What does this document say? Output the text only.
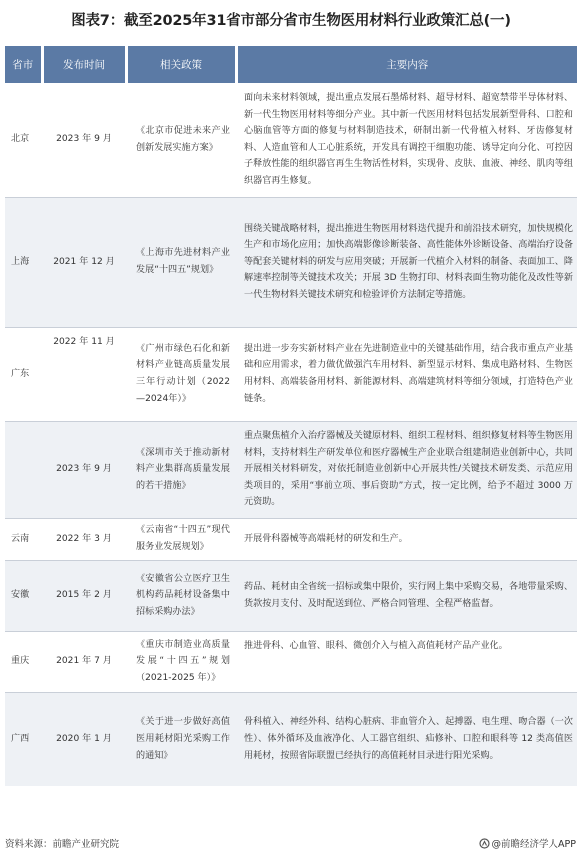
图表7：截至2025年31省市部分省市生物医用材料行业政策汇总(一)
省市	发布时间	相关政策	主要内容
北京	2023 年 9 月	《北京市促进未来产业创新发展实施方案》	面向未来材料领域，提出重点发展石墨烯材料、超导材料、超宽禁带半导体材料、新一代生物医用材料等细分产业。其中新一代医用材料包括发展新型骨科、口腔和心脑血管等方面的修复与材料制造技术，研制出新一代骨植入材料、牙齿修复材料、人造血管和人工心脏系统，开发具有调控干细胞功能、诱导定向分化、可控因子释放性能的组织器官再生生物活性材料，实现骨、皮肤、血液、神经、肌肉等组织器官再生修复。
上海	2021 年 12 月	《上海市先进材料产业发展“十四五”规划》	围绕关键战略材料，提出推进生物医用材料迭代提升和前沿技术研究，加快规模化生产和市场化应用；加快高端影像诊断装备、高性能体外诊断设备、高端治疗设备等配套关键材料的研发与应用突破；开展新一代植介入材料的制备、表面加工、降解速率控制等关键技术攻关；开展 3D 生物打印、材料表面生物功能化及改性等新一代生物材料关键技术研究和检验评价方法制定等措施。
广东	2022 年 11 月	《广州市绿色石化和新材料产业链高质量发展三年行动计划（2022—2024年）》	提出进一步夯实新材料产业在先进制造业中的关键基础作用，结合我市重点产业基础和应用需求，着力做优做强汽车用材料、新型显示材料、集成电路材料、生物医用材料、高端装备用材料、新能源材料、高端建筑材料等细分领域，打造特色产业链条。
	2023 年 9 月	《深圳市关于推动新材料产业集群高质量发展的若干措施》	重点聚焦植介入治疗器械及关键原材料、组织工程材料、组织修复材料等生物医用材料，支持材料生产研发单位和医疗器械生产企业联合组建制造业创新中心，共同开展相关材料研发，对依托制造业创新中心开展共性/关键技术研发类、示范应用类项目的，采用“事前立项、事后资助”方式，按一定比例，给予不超过 3000 万元资助。
云南	2022 年 3 月	《云南省“十四五”现代服务业发展规划》	开展骨科器械等高端耗材的研发和生产。
安徽	2015 年 2 月	《安徽省公立医疗卫生机构药品耗材设备集中招标采购办法》	药品、耗材由全省统一招标或集中限价，实行网上集中采购交易，各地带量采购、货款按月支付、及时配送到位、严格合同管理、全程严格监督。
重庆	2021 年 7 月	《重庆市制造业高质量发展“十四五”规划（2021-2025 年）》	推进骨科、心血管、眼科、微创介入与植入高值耗材产品产业化。
广西	2020 年 1 月	《关于进一步做好高值医用耗材阳光采购工作的通知》	骨科植入、神经外科、结构心脏病、非血管介入、起搏器、电生理、吻合器（一次性）、体外循环及血液净化、人工器官组织、疝修补、口腔和眼科等 12 类高值医用耗材，按照省际联盟已经执行的高值耗材目录进行阳光采购。
资料来源：前瞻产业研究院	@前瞻经济学人APP
